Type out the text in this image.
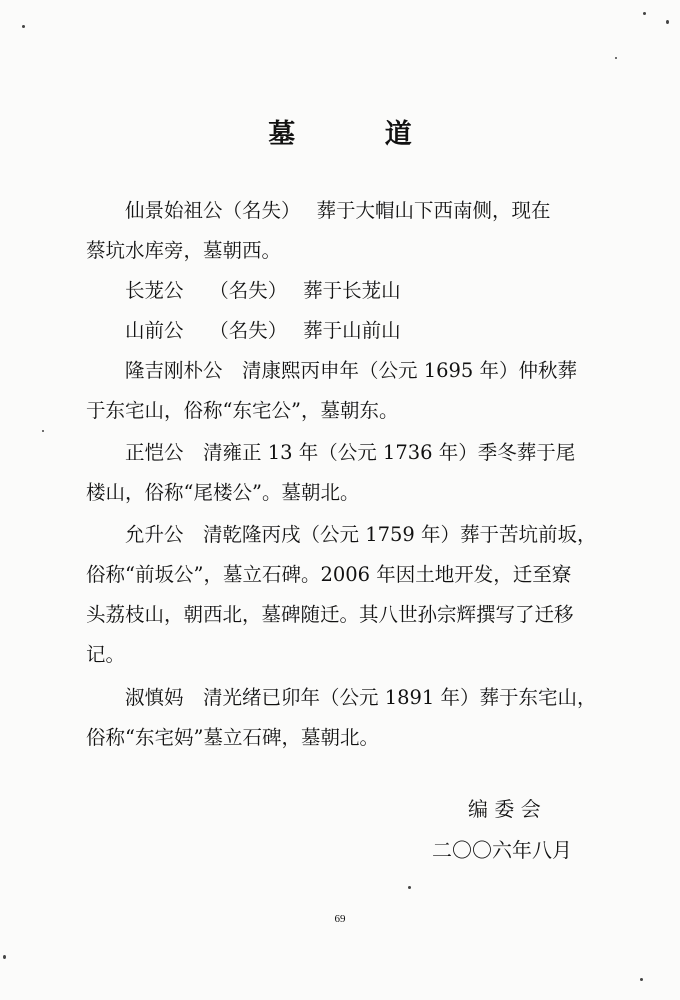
墓 道

仙景始祖公（名失）　 葬于大帽山下西南侧，现在
蔡坑水库旁，墓朝西。

长茏公　 （名失）　 葬于长茏山

山前公　 （名失）　 葬于山前山

隆吉刚朴公　清康熙丙申年（公元 1695 年）仲秋葬
于东宅山，俗称“东宅公”，墓朝东。

正恺公　清雍正 13 年（公元 1736 年）季冬葬于尾
楼山，俗称“尾楼公”。墓朝北。

允升公　清乾隆丙戌（公元 1759 年）葬于苦坑前坂，
俗称“前坂公”，墓立石碑。2006 年因土地开发，迁至寮
头荔枝山，朝西北，墓碑随迁。其八世孙宗辉撰写了迁移
记。

淑慎妈　清光绪已卯年（公元 1891 年）葬于东宅山，
俗称“东宅妈”墓立石碑，墓朝北。

编 委 会
二〇〇六年八月
69
